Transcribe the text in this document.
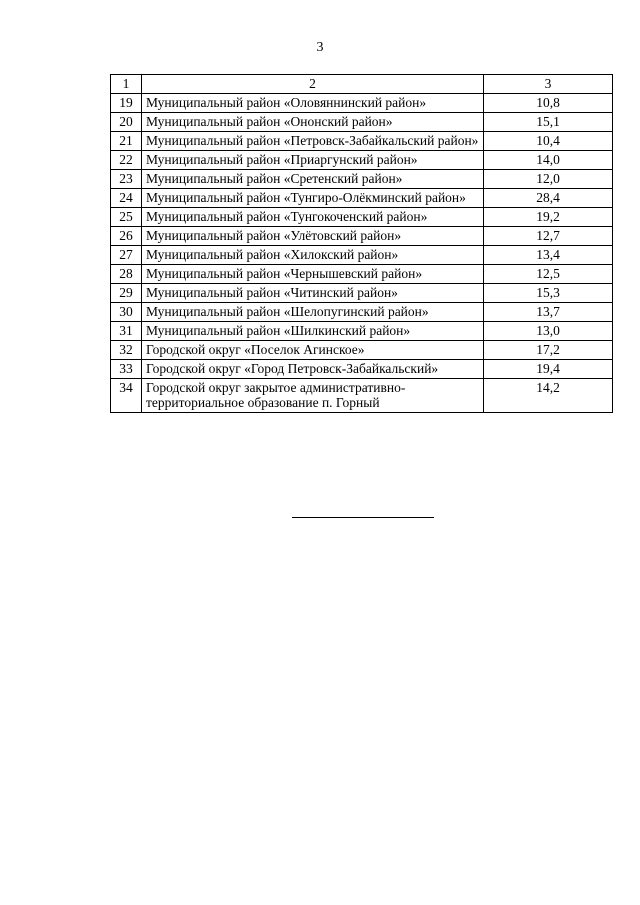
3
1	2	3
19	Муниципальный район «Оловяннинский район»	10,8
20	Муниципальный район «Ононский район»	15,1
21	Муниципальный район «Петровск-Забайкальский район»	10,4
22	Муниципальный район «Приаргунский район»	14,0
23	Муниципальный район «Сретенский район»	12,0
24	Муниципальный район «Тунгиро-Олёкминский район»	28,4
25	Муниципальный район «Тунгокоченский район»	19,2
26	Муниципальный район «Улётовский район»	12,7
27	Муниципальный район «Хилокский район»	13,4
28	Муниципальный район «Чернышевский район»	12,5
29	Муниципальный район «Читинский район»	15,3
30	Муниципальный район «Шелопугинский район»	13,7
31	Муниципальный район «Шилкинский район»	13,0
32	Городской округ «Поселок Агинское»	17,2
33	Городской округ «Город Петровск-Забайкальский»	19,4
34	Городской округ закрытое административно-территориальное образование п. Горный	14,2
